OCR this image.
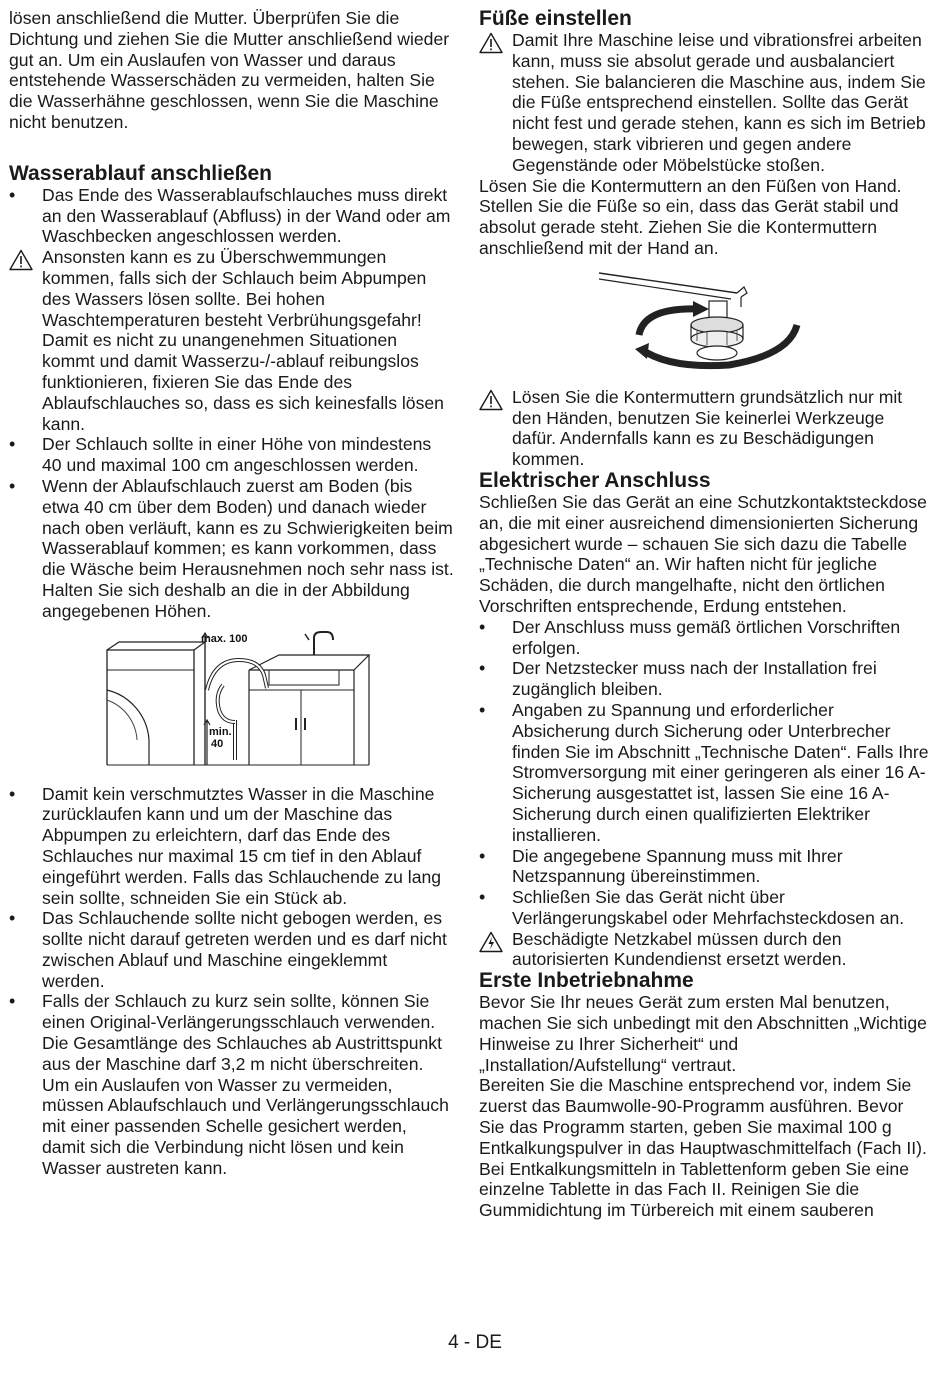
lösen anschließend die Mutter. Überprüfen Sie die Dichtung und ziehen Sie die Mutter anschließend wieder gut an. Um ein Auslaufen von Wasser und daraus entstehende Wasserschäden zu vermeiden, halten Sie die Wasserhähne geschlossen, wenn Sie die Maschine nicht benutzen.

Wasserablauf anschließen
• Das Ende des Wasserablaufschlauches muss direkt an den Wasserablauf (Abfluss) in der Wand oder am Waschbecken angeschlossen werden.
Ansonsten kann es zu Überschwemmungen kommen, falls sich der Schlauch beim Abpumpen des Wassers lösen sollte. Bei hohen Waschtemperaturen besteht Verbrühungsgefahr! Damit es nicht zu unangenehmen Situationen kommt und damit Wasserzu-/-ablauf reibungslos funktionieren, fixieren Sie das Ende des Ablaufschlauches so, dass es sich keinesfalls lösen kann.
• Der Schlauch sollte in einer Höhe von mindestens 40 und maximal 100 cm angeschlossen werden.
• Wenn der Ablaufschlauch zuerst am Boden (bis etwa 40 cm über dem Boden) und danach wieder nach oben verläuft, kann es zu Schwierigkeiten beim Wasserablauf kommen; es kann vorkommen, dass die Wäsche beim Herausnehmen noch sehr nass ist. Halten Sie sich deshalb an die in der Abbildung angegebenen Höhen.
max. 100
min.
40
• Damit kein verschmutztes Wasser in die Maschine zurücklaufen kann und um der Maschine das Abpumpen zu erleichtern, darf das Ende des Schlauches nur maximal 15 cm tief in den Ablauf eingeführt werden. Falls das Schlauchende zu lang sein sollte, schneiden Sie ein Stück ab.
• Das Schlauchende sollte nicht gebogen werden, es sollte nicht darauf getreten werden und es darf nicht zwischen Ablauf und Maschine eingeklemmt werden.
• Falls der Schlauch zu kurz sein sollte, können Sie einen Original-Verlängerungsschlauch verwenden. Die Gesamtlänge des Schlauches ab Austrittspunkt aus der Maschine darf 3,2 m nicht überschreiten. Um ein Auslaufen von Wasser zu vermeiden, müssen Ablaufschlauch und Verlängerungsschlauch mit einer passenden Schelle gesichert werden, damit sich die Verbindung nicht lösen und kein Wasser austreten kann.
Füße einstellen
Damit Ihre Maschine leise und vibrationsfrei arbeiten kann, muss sie absolut gerade und ausbalanciert stehen. Sie balancieren die Maschine aus, indem Sie die Füße entsprechend einstellen. Sollte das Gerät nicht fest und gerade stehen, kann es sich im Betrieb bewegen, stark vibrieren und gegen andere Gegenstände oder Möbelstücke stoßen.

Lösen Sie die Kontermuttern an den Füßen von Hand. Stellen Sie die Füße so ein, dass das Gerät stabil und absolut gerade steht. Ziehen Sie die Kontermuttern anschließend mit der Hand an.

Lösen Sie die Kontermuttern grundsätzlich nur mit den Händen, benutzen Sie keinerlei Werkzeuge dafür. Andernfalls kann es zu Beschädigungen kommen.
Elektrischer Anschluss

Schließen Sie das Gerät an eine Schutzkontaktsteckdose an, die mit einer ausreichend dimensionierten Sicherung abgesichert wurde – schauen Sie sich dazu die Tabelle „Technische Daten“ an. Wir haften nicht für jegliche Schäden, die durch mangelhafte, nicht den örtlichen Vorschriften entsprechende, Erdung entstehen.

• Der Anschluss muss gemäß örtlichen Vorschriften erfolgen.
• Der Netzstecker muss nach der Installation frei zugänglich bleiben.
• Angaben zu Spannung und erforderlicher Absicherung durch Sicherung oder Unterbrecher finden Sie im Abschnitt „Technische Daten“. Falls Ihre Stromversorgung mit einer geringeren als einer 16 A-Sicherung ausgestattet ist, lassen Sie eine 16 A-Sicherung durch einen qualifizierten Elektriker installieren.
• Die angegebene Spannung muss mit Ihrer Netzspannung übereinstimmen.
• Schließen Sie das Gerät nicht über Verlängerungskabel oder Mehrfachsteckdosen an.
Beschädigte Netzkabel müssen durch den autorisierten Kundendienst ersetzt werden.
Erste Inbetriebnahme

Bevor Sie Ihr neues Gerät zum ersten Mal benutzen, machen Sie sich unbedingt mit den Abschnitten „Wichtige Hinweise zu Ihrer Sicherheit“ und „Installation/Aufstellung“ vertraut.

Bereiten Sie die Maschine entsprechend vor, indem Sie zuerst das Baumwolle-90-Programm ausführen. Bevor Sie das Programm starten, geben Sie maximal 100 g Entkalkungspulver in das Hauptwaschmittelfach (Fach II). Bei Entkalkungsmitteln in Tablettenform geben Sie eine einzelne Tablette in das Fach II. Reinigen Sie die Gummidichtung im Türbereich mit einem sauberen

4 - DE
